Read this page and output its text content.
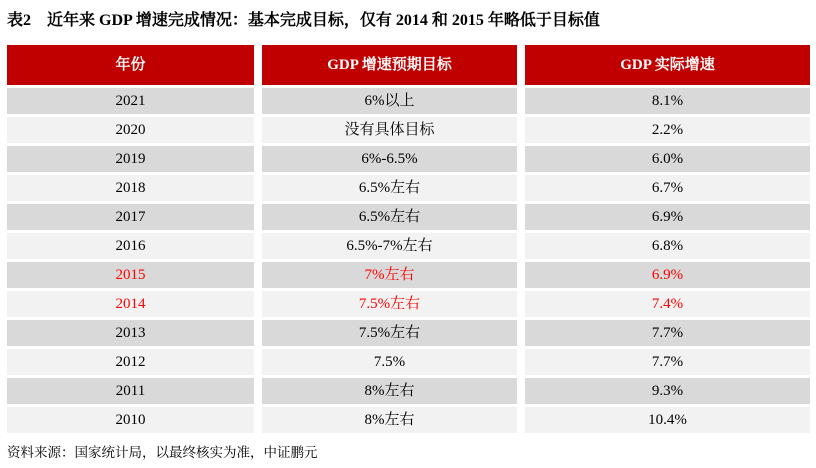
表2　近年来 GDP 增速完成情况：基本完成目标，仅有 2014 和 2015 年略低于目标值
年份	GDP 增速预期目标	GDP 实际增速
2021	6%以上	8.1%
2020	没有具体目标	2.2%
2019	6%-6.5%	6.0%
2018	6.5%左右	6.7%
2017	6.5%左右	6.9%
2016	6.5%-7%左右	6.8%
2015	7%左右	6.9%
2014	7.5%左右	7.4%
2013	7.5%左右	7.7%
2012	7.5%	7.7%
2011	8%左右	9.3%
2010	8%左右	10.4%
资料来源：国家统计局，以最终核实为准，中证鹏元
